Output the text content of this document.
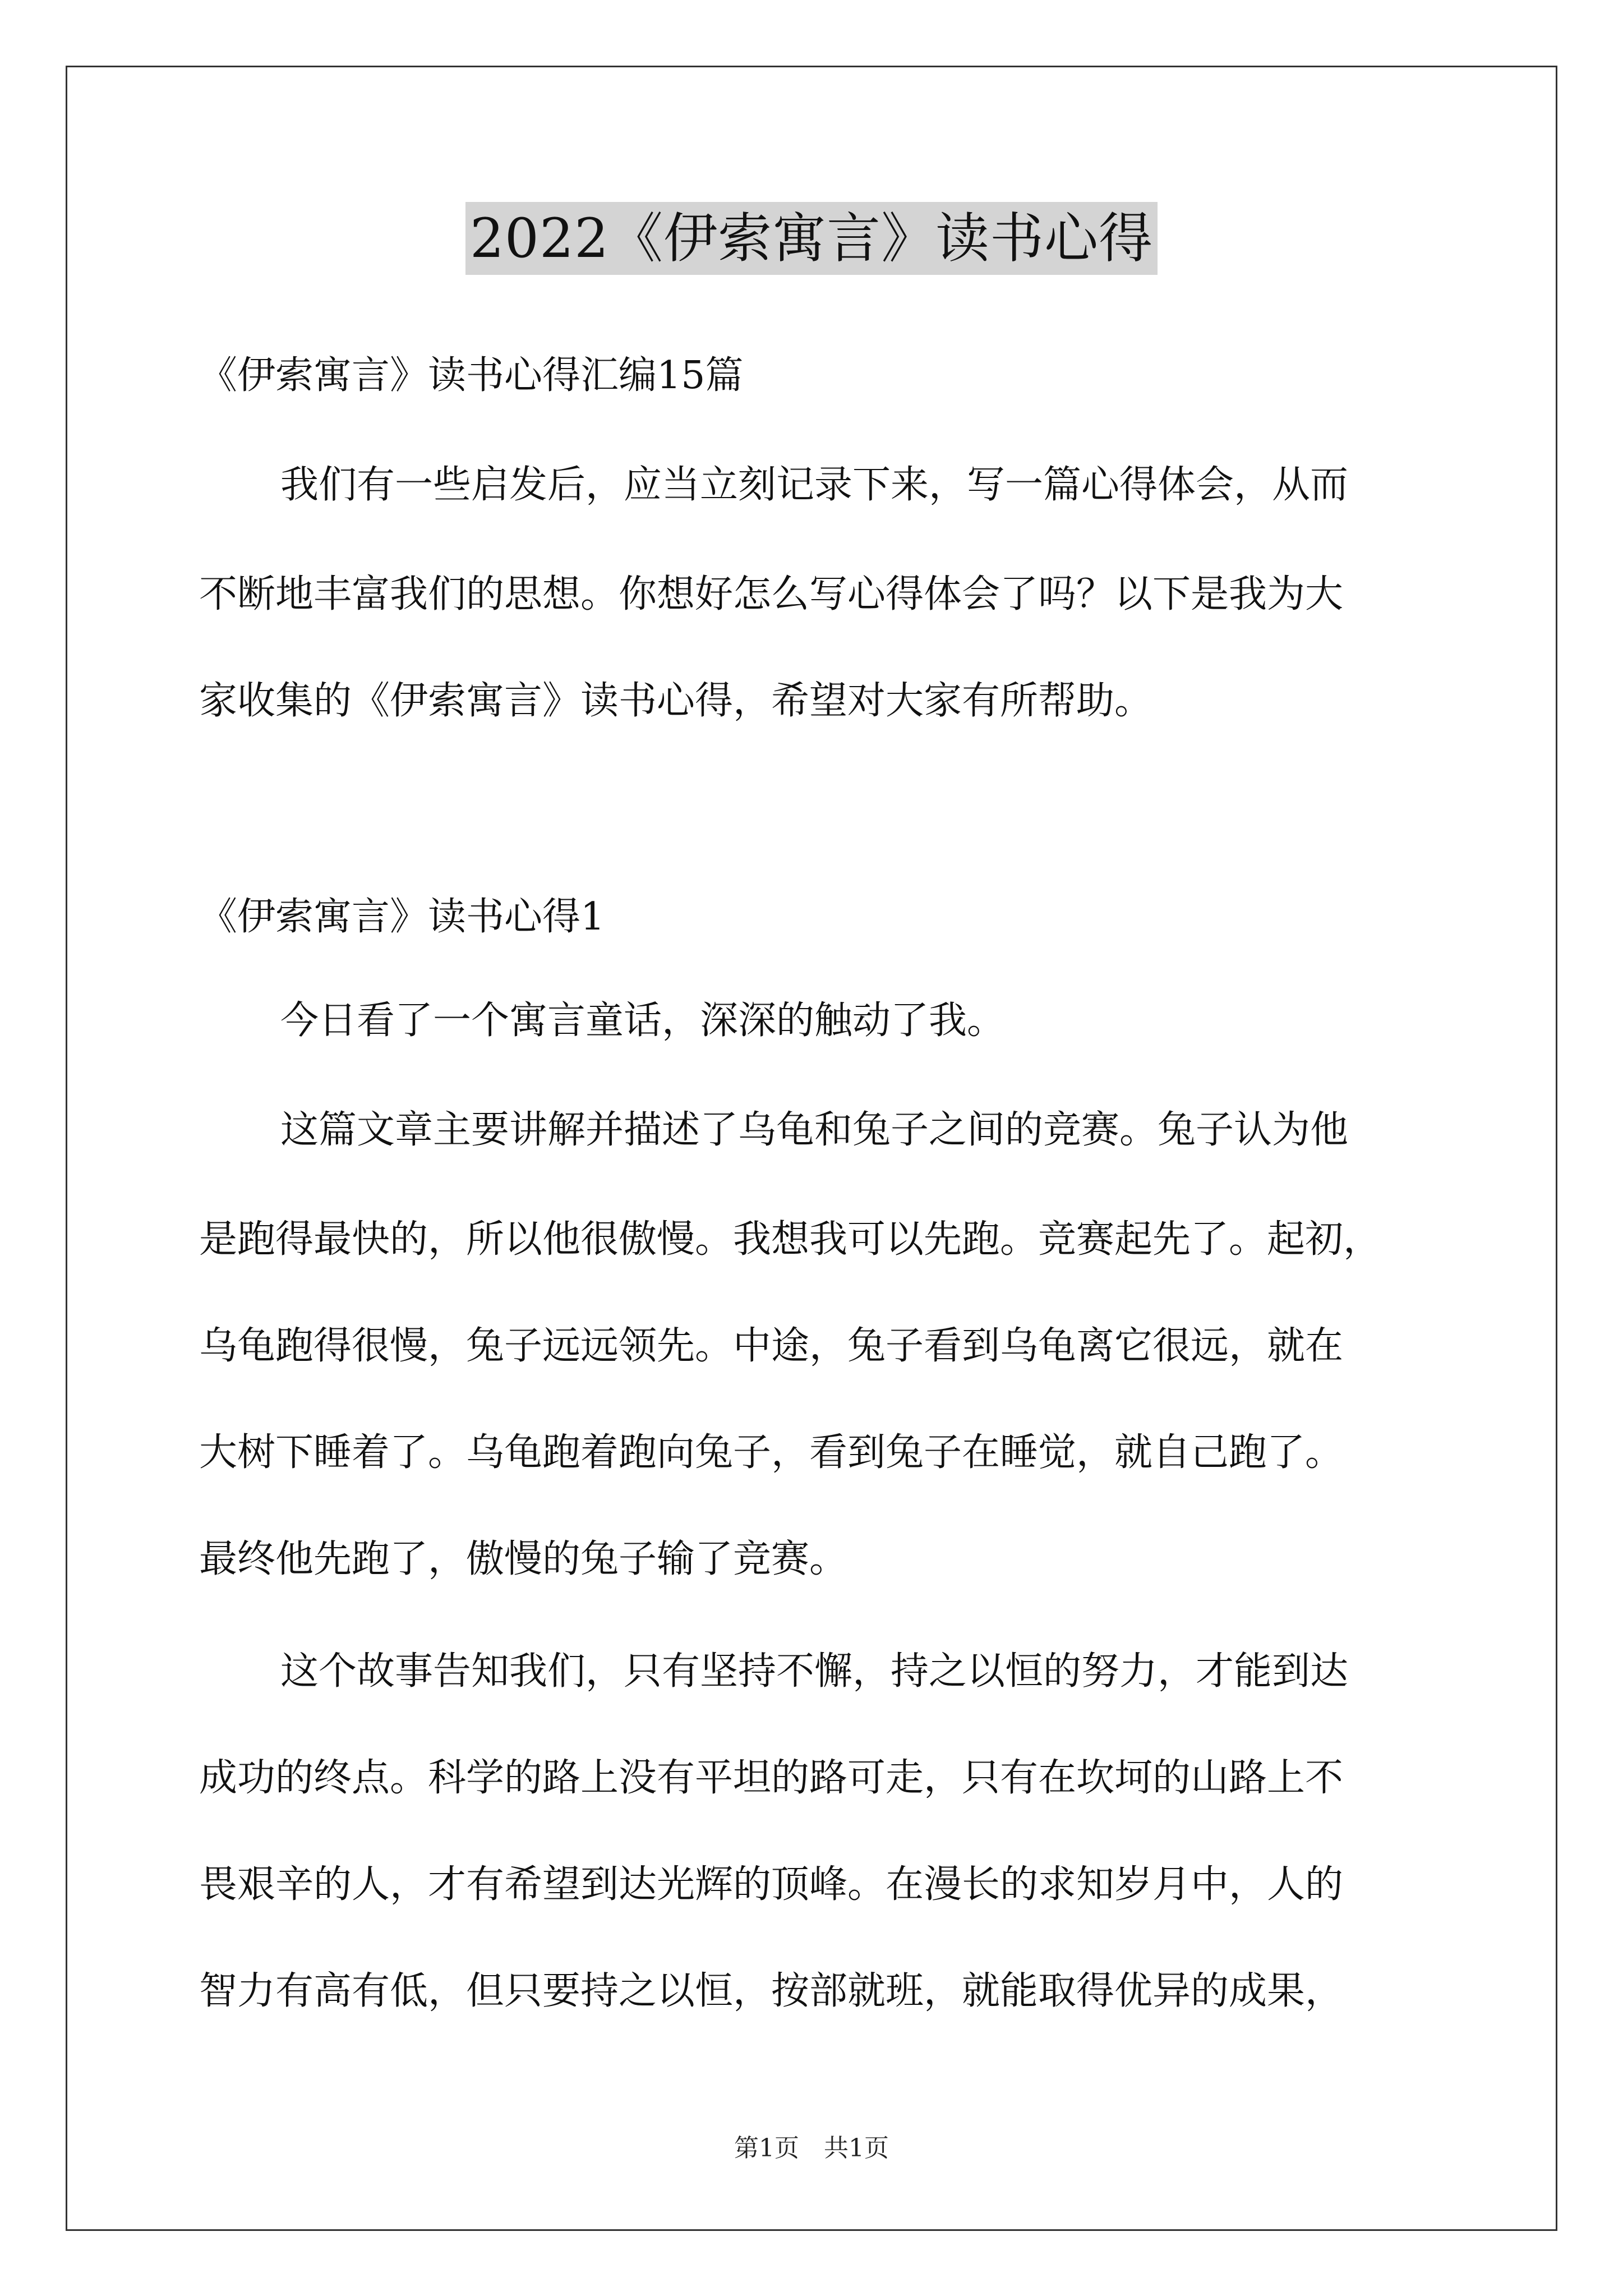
2022《伊索寓言》读书心得
《伊索寓言》读书心得汇编15篇
我们有一些启发后，应当立刻记录下来，写一篇心得体会，从而
不断地丰富我们的思想。你想好怎么写心得体会了吗？以下是我为大
家收集的《伊索寓言》读书心得，希望对大家有所帮助。
《伊索寓言》读书心得1
今日看了一个寓言童话，深深的触动了我。
这篇文章主要讲解并描述了乌龟和兔子之间的竞赛。兔子认为他
是跑得最快的，所以他很傲慢。我想我可以先跑。竞赛起先了。起初，
乌龟跑得很慢，兔子远远领先。中途，兔子看到乌龟离它很远，就在
大树下睡着了。乌龟跑着跑向兔子，看到兔子在睡觉，就自己跑了。
最终他先跑了，傲慢的兔子输了竞赛。
这个故事告知我们，只有坚持不懈，持之以恒的努力，才能到达
成功的终点。科学的路上没有平坦的路可走，只有在坎坷的山路上不
畏艰辛的人，才有希望到达光辉的顶峰。在漫长的求知岁月中，人的
智力有高有低，但只要持之以恒，按部就班，就能取得优异的成果，
第1页　共1页
